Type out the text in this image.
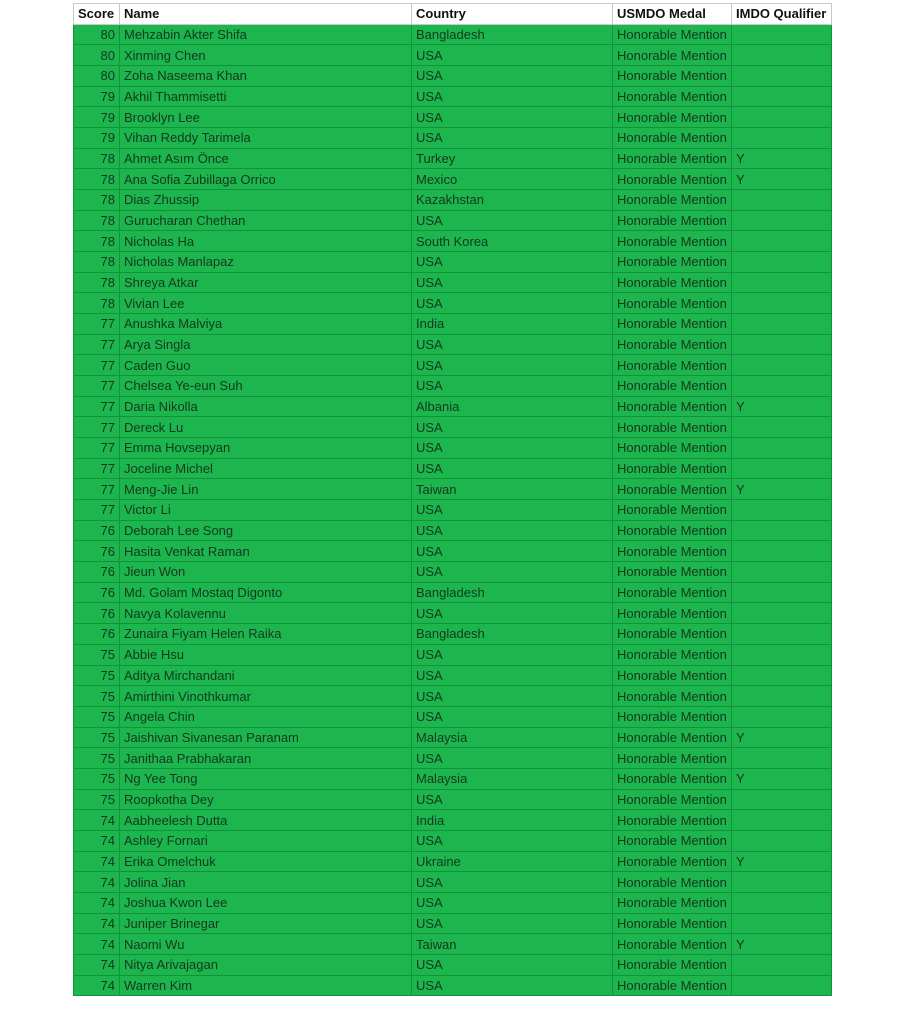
Score	Name	Country	USMDO Medal	IMDO Qualifier
80	Mehzabin Akter Shifa	Bangladesh	Honorable Mention	
80	Xinming Chen	USA	Honorable Mention	
80	Zoha Naseema Khan	USA	Honorable Mention	
79	Akhil Thammisetti	USA	Honorable Mention	
79	Brooklyn Lee	USA	Honorable Mention	
79	Vihan Reddy Tarimela	USA	Honorable Mention	
78	Ahmet Asım Önce	Turkey	Honorable Mention	Y
78	Ana Sofia Zubillaga Orrico	Mexico	Honorable Mention	Y
78	Dias Zhussip	Kazakhstan	Honorable Mention	
78	Gurucharan Chethan	USA	Honorable Mention	
78	Nicholas Ha	South Korea	Honorable Mention	
78	Nicholas Manlapaz	USA	Honorable Mention	
78	Shreya Atkar	USA	Honorable Mention	
78	Vivian Lee	USA	Honorable Mention	
77	Anushka Malviya	India	Honorable Mention	
77	Arya Singla	USA	Honorable Mention	
77	Caden Guo	USA	Honorable Mention	
77	Chelsea Ye-eun Suh	USA	Honorable Mention	
77	Daria Nikolla	Albania	Honorable Mention	Y
77	Dereck Lu	USA	Honorable Mention	
77	Emma Hovsepyan	USA	Honorable Mention	
77	Joceline Michel	USA	Honorable Mention	
77	Meng-Jie Lin	Taiwan	Honorable Mention	Y
77	Victor Li	USA	Honorable Mention	
76	Deborah Lee Song	USA	Honorable Mention	
76	Hasita Venkat Raman	USA	Honorable Mention	
76	Jieun Won	USA	Honorable Mention	
76	Md. Golam Mostaq Digonto	Bangladesh	Honorable Mention	
76	Navya Kolavennu	USA	Honorable Mention	
76	Zunaira Fiyam Helen Raika	Bangladesh	Honorable Mention	
75	Abbie Hsu	USA	Honorable Mention	
75	Aditya Mirchandani	USA	Honorable Mention	
75	Amirthini Vinothkumar	USA	Honorable Mention	
75	Angela Chin	USA	Honorable Mention	
75	Jaishivan Sivanesan Paranam	Malaysia	Honorable Mention	Y
75	Janithaa Prabhakaran	USA	Honorable Mention	
75	Ng Yee Tong	Malaysia	Honorable Mention	Y
75	Roopkotha Dey	USA	Honorable Mention	
74	Aabheelesh Dutta	India	Honorable Mention	
74	Ashley Fornari	USA	Honorable Mention	
74	Erika Omelchuk	Ukraine	Honorable Mention	Y
74	Jolina Jian	USA	Honorable Mention	
74	Joshua Kwon Lee	USA	Honorable Mention	
74	Juniper Brinegar	USA	Honorable Mention	
74	Naomi Wu	Taiwan	Honorable Mention	Y
74	Nitya Arivajagan	USA	Honorable Mention	
74	Warren Kim	USA	Honorable Mention	
